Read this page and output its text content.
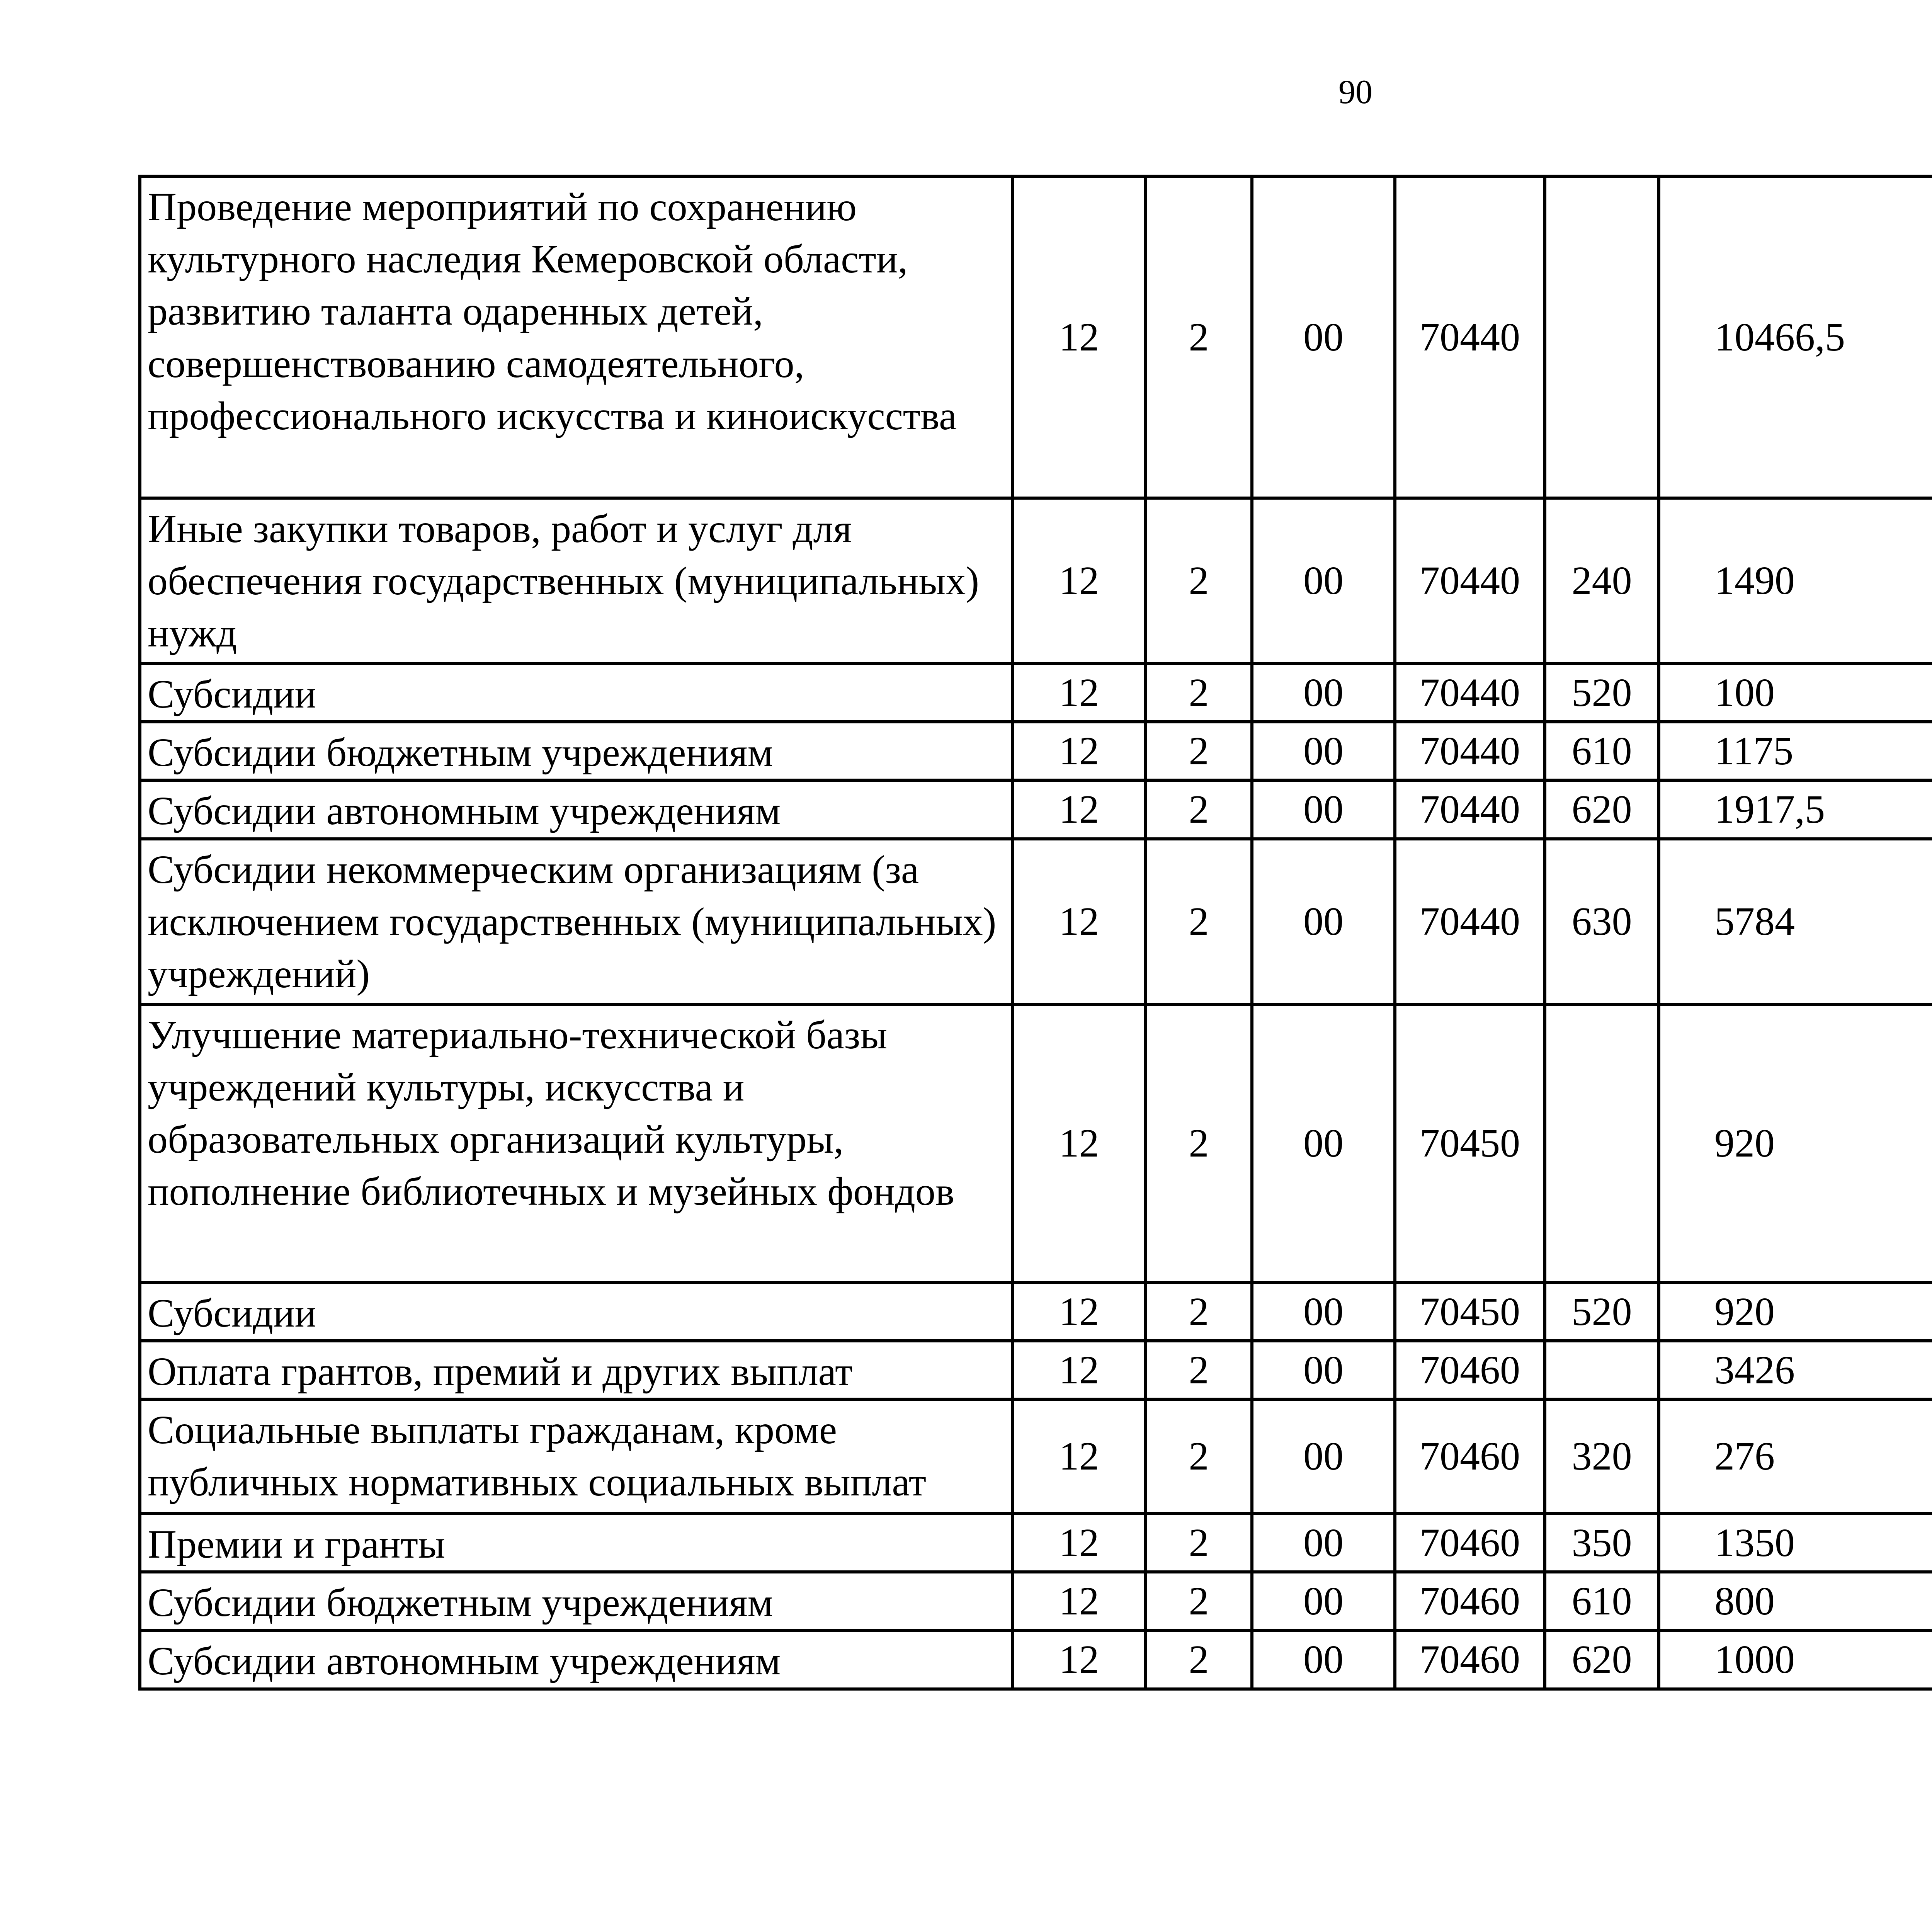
90
Проведение мероприятий по сохранению культурного наследия Кемеровской области, развитию таланта одаренных детей, совершенствованию самодеятельного, профессионального искусства и киноискусства	12	2	00	70440		10466,5		
Иные закупки товаров, работ и услуг для обеспечения государственных (муниципальных) нужд	12	2	00	70440	240	1490		
Субсидии	12	2	00	70440	520	100		
Субсидии бюджетным учреждениям	12	2	00	70440	610	1175		
Субсидии автономным учреждениям	12	2	00	70440	620	1917,5		
Субсидии некоммерческим организациям (за исключением государственных (муниципальных) учреждений)	12	2	00	70440	630	5784		
Улучшение материально-технической базы учреждений культуры, искусства и образовательных организаций культуры, пополнение библиотечных и музейных фондов	12	2	00	70450		920		
Субсидии	12	2	00	70450	520	920		
Оплата грантов, премий и других выплат	12	2	00	70460		3426		
Социальные выплаты гражданам, кроме публичных нормативных социальных выплат	12	2	00	70460	320	276		
Премии и гранты	12	2	00	70460	350	1350		
Субсидии бюджетным учреждениям	12	2	00	70460	610	800		
Субсидии автономным учреждениям	12	2	00	70460	620	1000		
